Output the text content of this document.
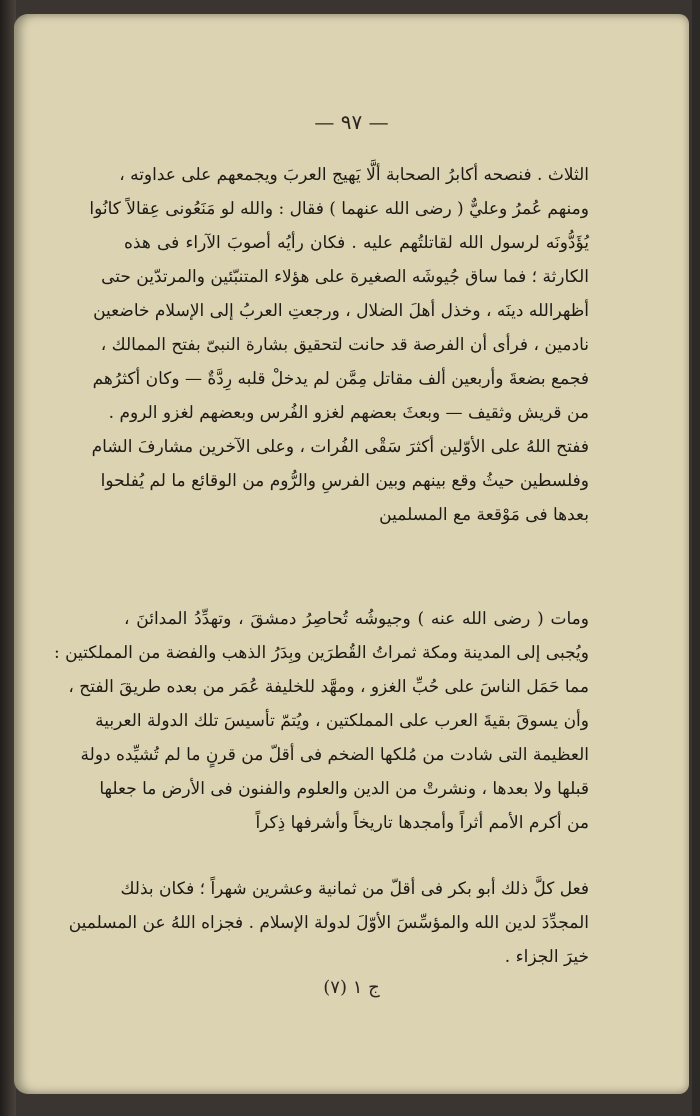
— ٩٧ —
الثلاث . فنصحه أكابرُ الصحابة ألَّا يَهيج العربَ ويجمعهم على عداوته ،
ومنهم عُمرُ وعليٌّ ( رضى الله عنهما ) فقال : والله لو مَنَعُونى عِقالاً كانُوا
يُؤَدُّونَه لرسول الله لقاتلتُهم عليه . فكان رأيُه أصوبَ الآراء فى هذه
الكارثة ؛ فما ساق جُيوشَه الصغيرة على هؤلاء المتنبّئين والمرتدّين حتى
أظهرالله دينَه ، وخذل أهلَ الضلال ، ورجعتِ العربُ إلى الإسلام خاضعين
نادمين ، فرأى أن الفرصة قد حانت لتحقيق بشارة النبىّ بفتح الممالك ،
فجمع بضعةَ وأربعين ألف مقاتل مِمَّن لم يدخلْ قلبه رِدَّةٌ — وكان أكثرُهم
من قريش وثقيف — وبعثَ بعضهم لغزو الفُرس وبعضهم لغزو الروم .
ففتح اللهُ على الأوّلين أكثرَ سَقْى الفُرات ، وعلى الآخرين مشارفَ الشام
وفلسطين حيثُ وقع بينهم وبين الفرسِ والرُّوم من الوقائع ما لم يُفلحوا
بعدها فى مَوْقعة مع المسلمين
ومات ( رضى الله عنه ) وجيوشُه تُحاصِرُ دمشقَ ، وتهدِّدُ المدائنَ ،
ويُجبى إلى المدينة ومكة ثمراتُ القُطرَين وبِدَرُ الذهب والفضة من المملكتين :
مما حَمَل الناسَ على حُبِّ الغزو ، ومهَّد للخليفة عُمَر من بعده طريقَ الفتح ،
وأن يسوقَ بقيةَ العرب على المملكتين ، ويُتمّ تأسيسَ تلك الدولة العربية
العظيمة التى شادت من مُلكها الضخم فى أقلّ من قرنٍ ما لم تُشيِّده دولة
قبلها ولا بعدها ، ونشرتْ من الدين والعلوم والفنون فى الأرض ما جعلها
من أكرم الأمم أثراً وأمجدها تاريخاً وأشرفها ذِكراً
فعل كلَّ ذلك أبو بكر فى أقلّ من ثمانية وعشرين شهراً ؛ فكان بذلك
المجدِّدَ لدين الله والمؤسِّسَ الأوّلَ لدولة الإسلام . فجزاه اللهُ عن المسلمين
خيرَ الجزاء .
ج ١ (٧)
